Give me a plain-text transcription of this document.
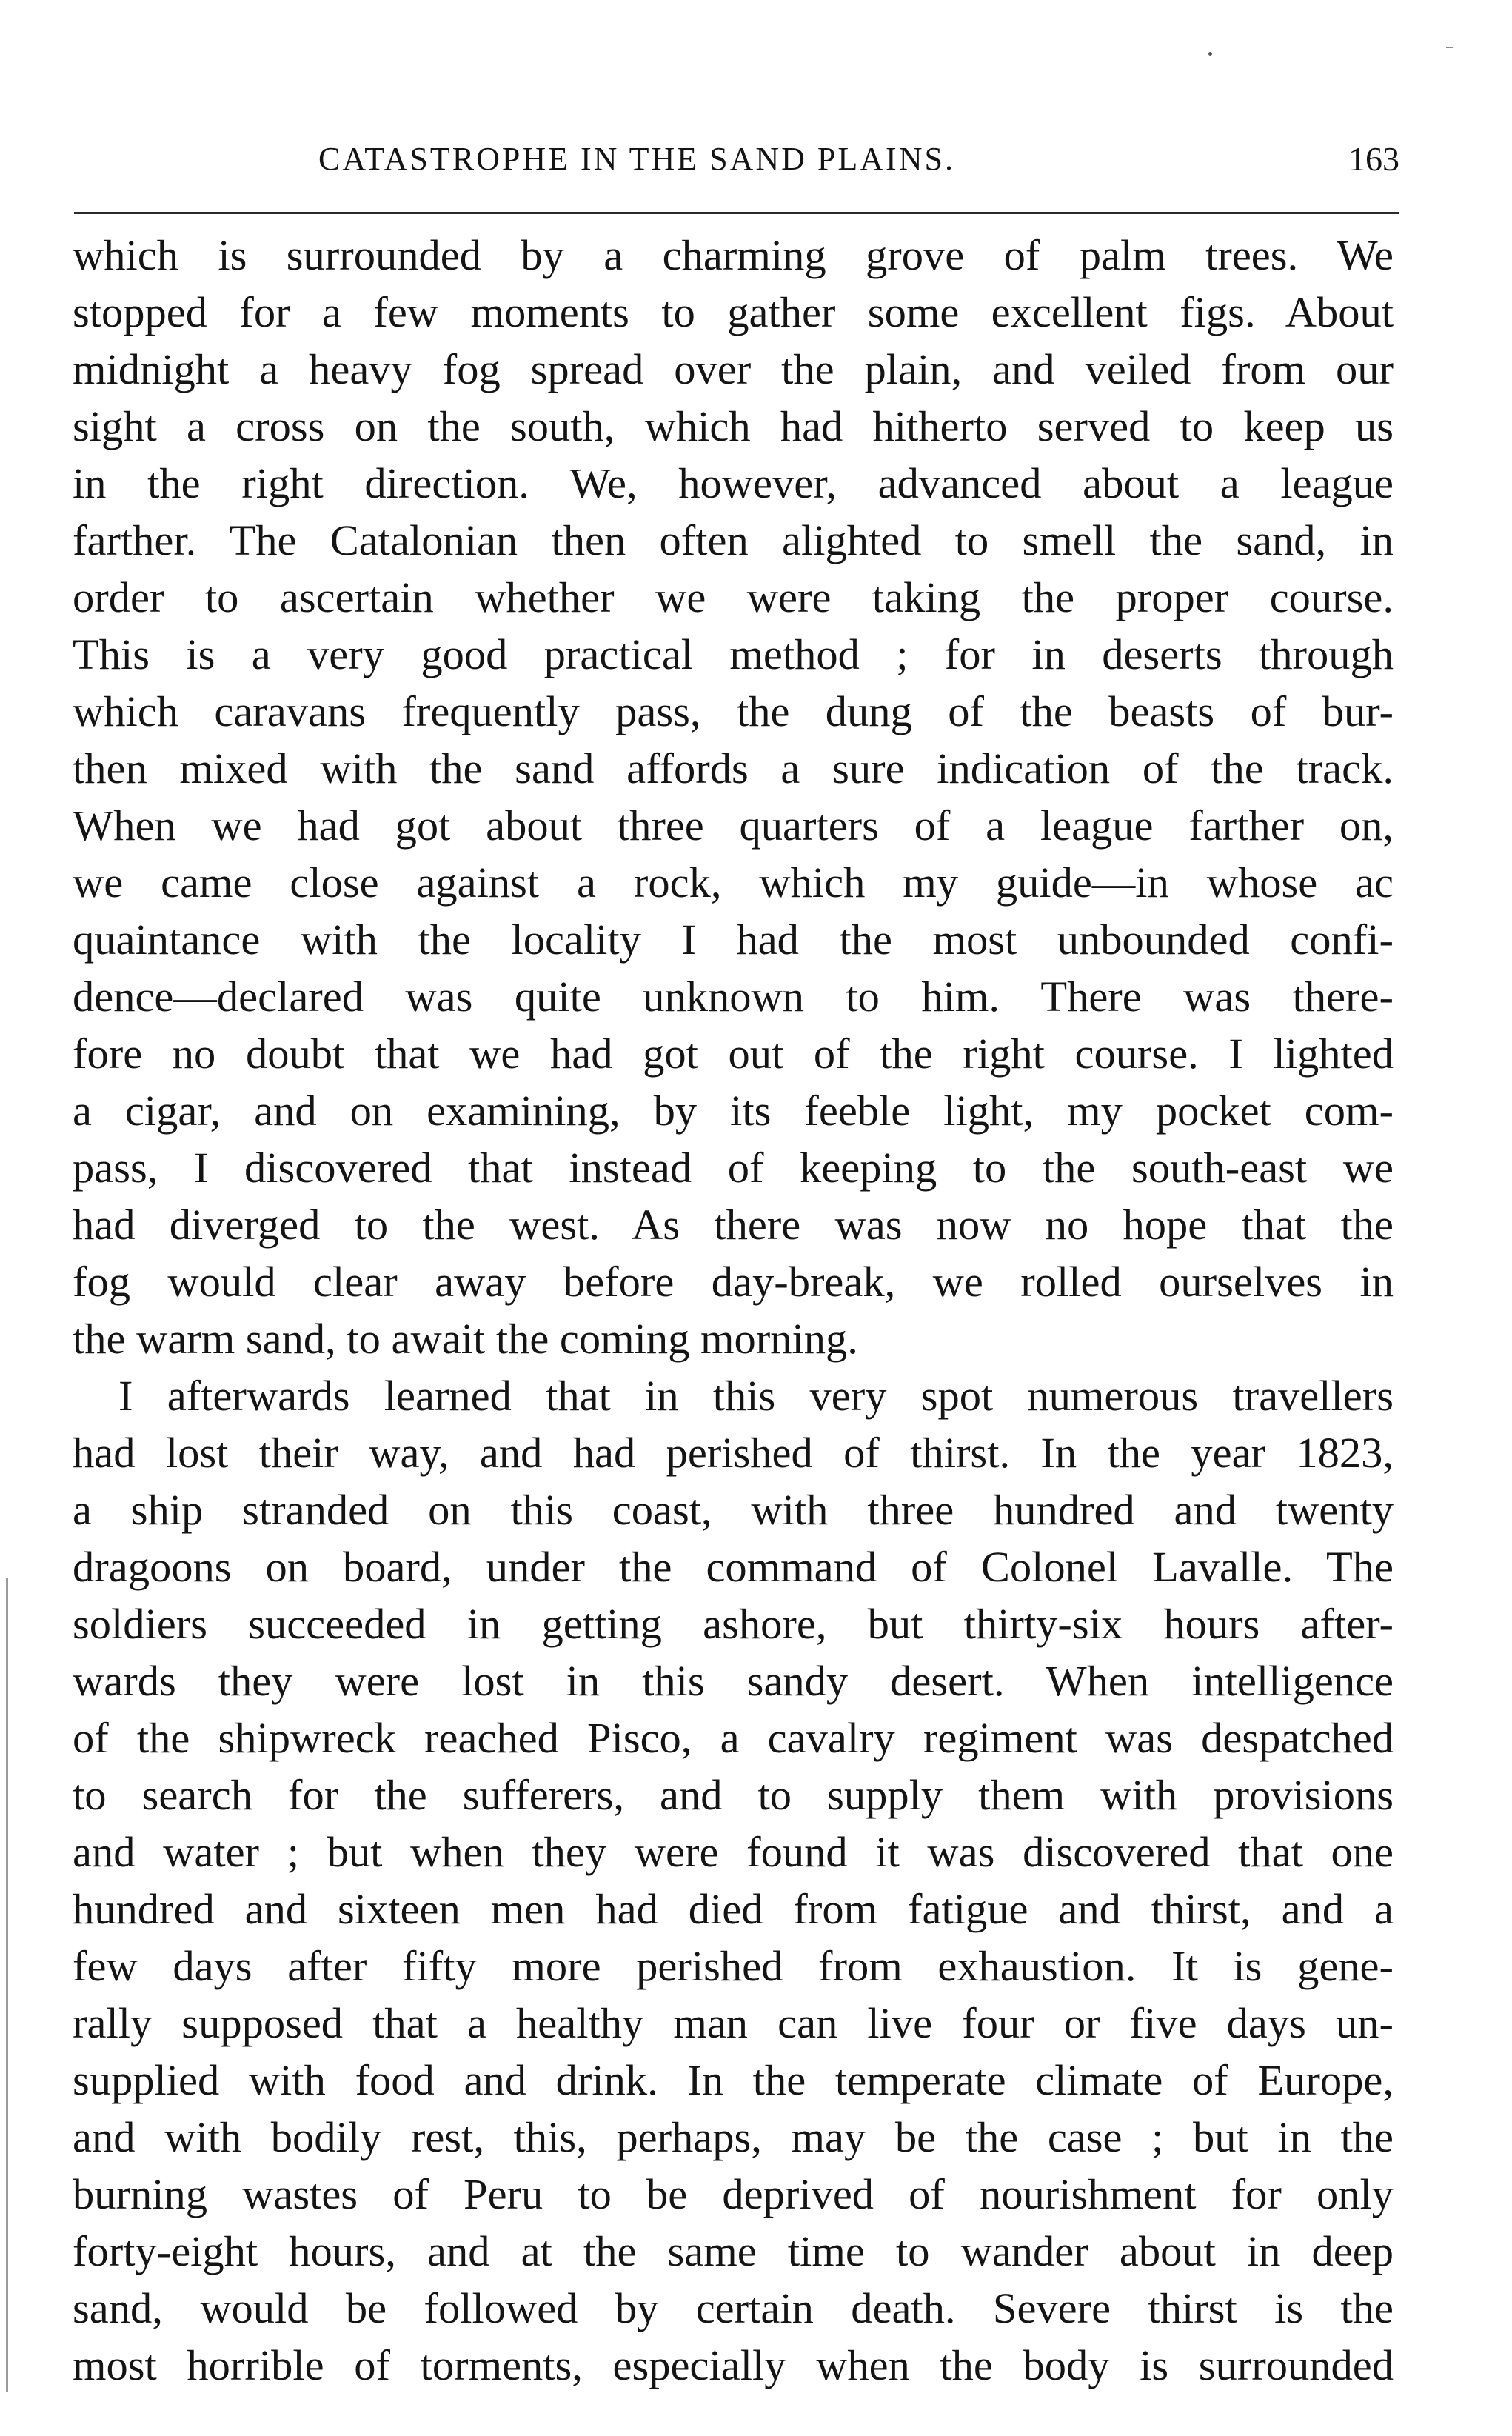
CATASTROPHE IN THE SAND PLAINS.	163
which is surrounded by a charming grove of palm trees. We
stopped for a few moments to gather some excellent figs. About
midnight a heavy fog spread over the plain, and veiled from our
sight a cross on the south, which had hitherto served to keep us
in the right direction. We, however, advanced about a league
farther. The Catalonian then often alighted to smell the sand, in
order to ascertain whether we were taking the proper course.
This is a very good practical method ; for in deserts through
which caravans frequently pass, the dung of the beasts of bur-
then mixed with the sand affords a sure indication of the track.
When we had got about three quarters of a league farther on,
we came close against a rock, which my guide—in whose ac
quaintance with the locality I had the most unbounded confi-
dence—declared was quite unknown to him. There was there-
fore no doubt that we had got out of the right course. I lighted
a cigar, and on examining, by its feeble light, my pocket com-
pass, I discovered that instead of keeping to the south-east we
had diverged to the west. As there was now no hope that the
fog would clear away before day-break, we rolled ourselves in
the warm sand, to await the coming morning.
I afterwards learned that in this very spot numerous travellers
had lost their way, and had perished of thirst. In the year 1823,
a ship stranded on this coast, with three hundred and twenty
dragoons on board, under the command of Colonel Lavalle. The
soldiers succeeded in getting ashore, but thirty-six hours after-
wards they were lost in this sandy desert. When intelligence
of the shipwreck reached Pisco, a cavalry regiment was despatched
to search for the sufferers, and to supply them with provisions
and water ; but when they were found it was discovered that one
hundred and sixteen men had died from fatigue and thirst, and a
few days after fifty more perished from exhaustion. It is gene-
rally supposed that a healthy man can live four or five days un-
supplied with food and drink. In the temperate climate of Europe,
and with bodily rest, this, perhaps, may be the case ; but in the
burning wastes of Peru to be deprived of nourishment for only
forty-eight hours, and at the same time to wander about in deep
sand, would be followed by certain death. Severe thirst is the
most horrible of torments, especially when the body is surrounded
